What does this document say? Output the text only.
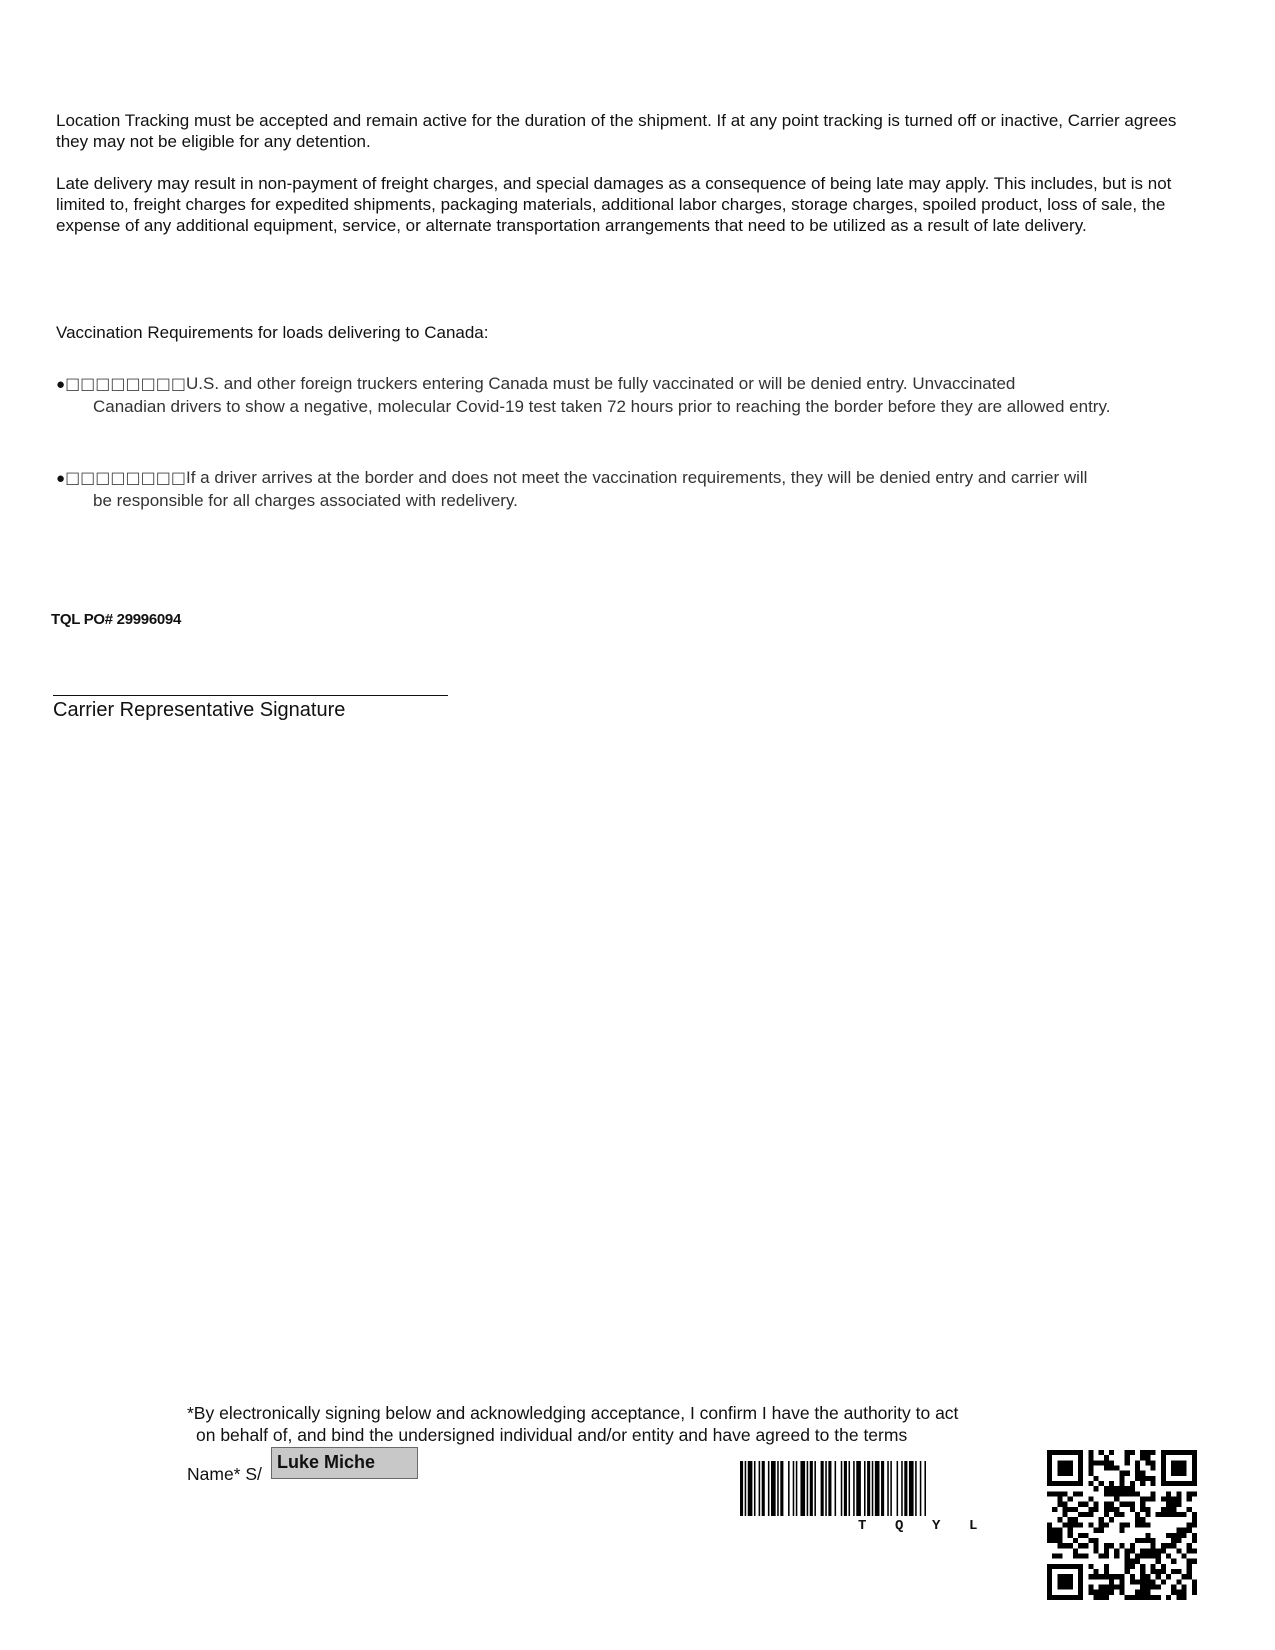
Location Tracking must be accepted and remain active for the duration of the shipment. If at any point tracking is turned off or inactive, Carrier agrees they may not be eligible for any detention.

Late delivery may result in non-payment of freight charges, and special damages as a consequence of being late may apply. This includes, but is not limited to, freight charges for expedited shipments, packaging materials, additional labor charges, storage charges, spoiled product, loss of sale, the expense of any additional equipment, service, or alternate transportation arrangements that need to be utilized as a result of late delivery.

Vaccination Requirements for loads delivering to Canada:

●□□□□□□□□U.S. and other foreign truckers entering Canada must be fully vaccinated or will be denied entry. Unvaccinated
Canadian drivers to show a negative, molecular Covid-19 test taken 72 hours prior to reaching the border before they are allowed entry.
●□□□□□□□□If a driver arrives at the border and does not meet the vaccination requirements, they will be denied entry and carrier will
be responsible for all charges associated with redelivery.
TQL PO# 29996094
Carrier Representative Signature
*By electronically signing below and acknowledging acceptance, I confirm I have the authority to act
on behalf of, and bind the undersigned individual and/or entity and have agreed to the terms
Name* S/
Luke Miche
T Q Y L
